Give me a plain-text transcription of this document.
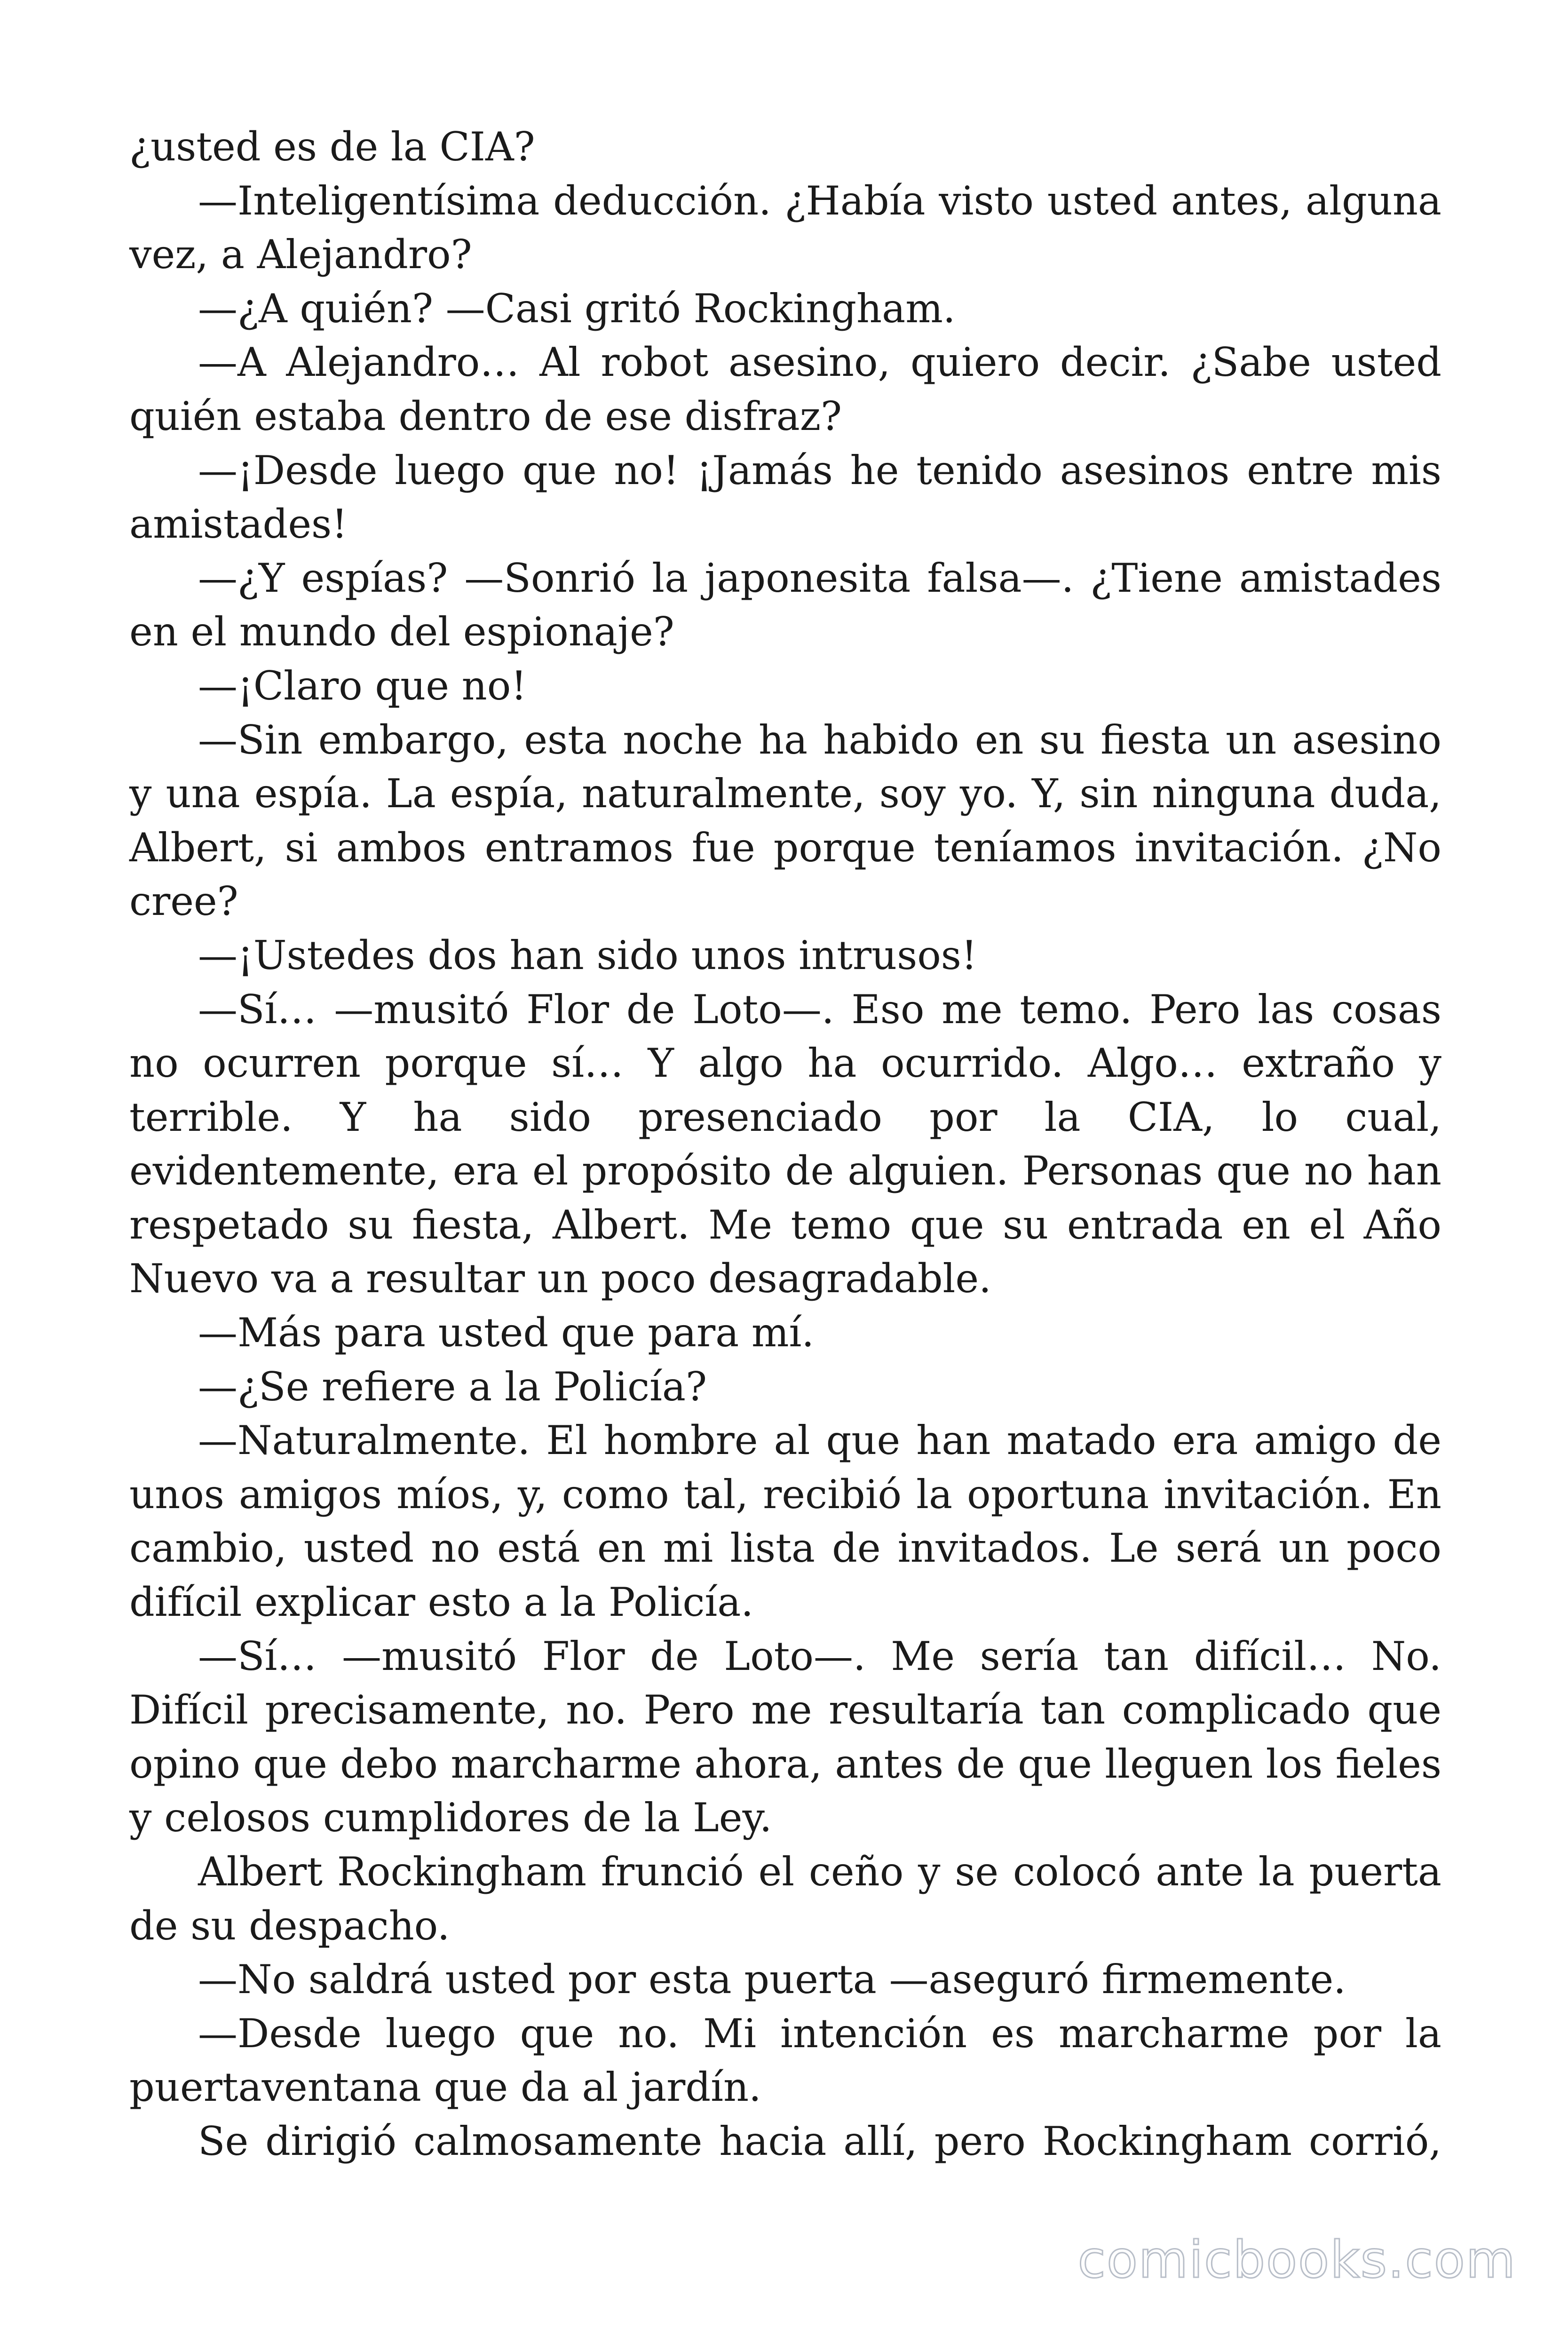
¿usted es de la CIA?

—Inteligentísima deducción. ¿Había visto usted antes, alguna vez, a Alejandro?

—¿A quién? —Casi gritó Rockingham.

—A Alejandro… Al robot asesino, quiero decir. ¿Sabe usted quién estaba dentro de ese disfraz?

—¡Desde luego que no! ¡Jamás he tenido asesinos entre mis amistades!

—¿Y espías? —Sonrió la japonesita falsa—. ¿Tiene amistades en el mundo del espionaje?

—¡Claro que no!

—Sin embargo, esta noche ha habido en su fiesta un asesino y una espía. La espía, naturalmente, soy yo. Y, sin ninguna duda, Albert, si ambos entramos fue porque teníamos invitación. ¿No cree?

—¡Ustedes dos han sido unos intrusos!

—Sí… —musitó Flor de Loto—. Eso me temo. Pero las cosas no ocurren porque sí… Y algo ha ocurrido. Algo… extraño y terrible. Y ha sido presenciado por la CIA, lo cual, evidentemente, era el propósito de alguien. Personas que no han respetado su fiesta, Albert. Me temo que su entrada en el Año Nuevo va a resultar un poco desagradable.

—Más para usted que para mí.

—¿Se refiere a la Policía?

—Naturalmente. El hombre al que han matado era amigo de unos amigos míos, y, como tal, recibió la oportuna invitación. En cambio, usted no está en mi lista de invitados. Le será un poco difícil explicar esto a la Policía.

—Sí… —musitó Flor de Loto—. Me sería tan difícil… No. Difícil precisamente, no. Pero me resultaría tan complicado que opino que debo marcharme ahora, antes de que lleguen los fieles y celosos cumplidores de la Ley.

Albert Rockingham frunció el ceño y se colocó ante la puerta de su despacho.

—No saldrá usted por esta puerta —aseguró firmemente.

—Desde luego que no. Mi intención es marcharme por la puertaventana que da al jardín.

Se dirigió calmosamente hacia allí, pero Rockingham corrió,

comicbooks.com
